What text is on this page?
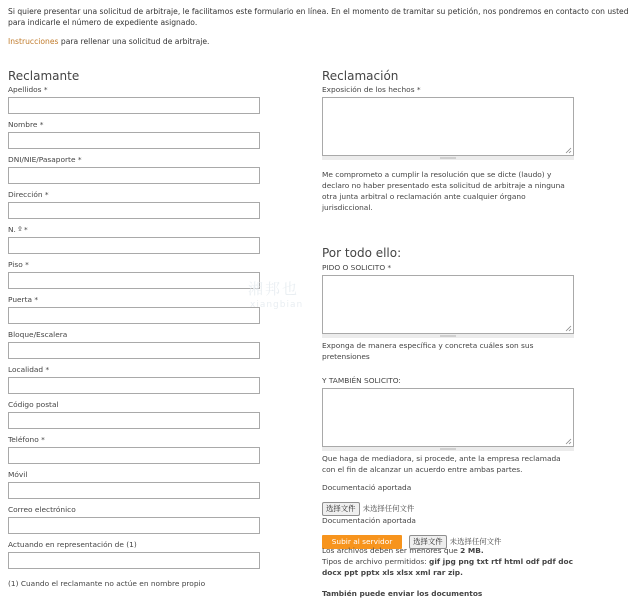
Si quiere presentar una solicitud de arbitraje, le facilitamos este formulario en línea. En el momento de tramitar su petición, nos pondremos en contacto con usted para indicarle el número de expediente asignado.
Instrucciones para rellenar una solicitud de arbitraje.
Reclamante
Apellidos *
Nombre *
DNI/NIE/Pasaporte *
Dirección *
N. º *
Piso *
Puerta *
Bloque/Escalera
Localidad *
Código postal
Teléfono *
Móvil
Correo electrónico
Actuando en representación de (1)
(1) Cuando el reclamante no actúe en nombre propio
Reclamación
Exposición de los hechos *
Me comprometo a cumplir la resolución que se dicte (laudo) y declaro no haber presentado esta solicitud de arbitraje a ninguna otra junta arbitral o reclamación ante cualquier órgano jurisdiccional.
Por todo ello:
PIDO O SOLICITO *
Exponga de manera específica y concreta cuáles son sus pretensiones
Y TAMBIÉN SOLICITO:
Que haga de mediadora, si procede, ante la empresa reclamada con el fin de alcanzar un acuerdo entre ambas partes.
Documentació aportada
选择文件 未选择任何文件
Documentación aportada
Subir al servidor	选择文件 未选择任何文件
Los archivos deben ser menores que 2 MB.
Tipos de archivo permitidos: gif jpg png txt rtf html odf pdf doc docx ppt pptx xls xlsx xml rar zip.
También puede enviar los documentos
湘邦也
xiangbian
